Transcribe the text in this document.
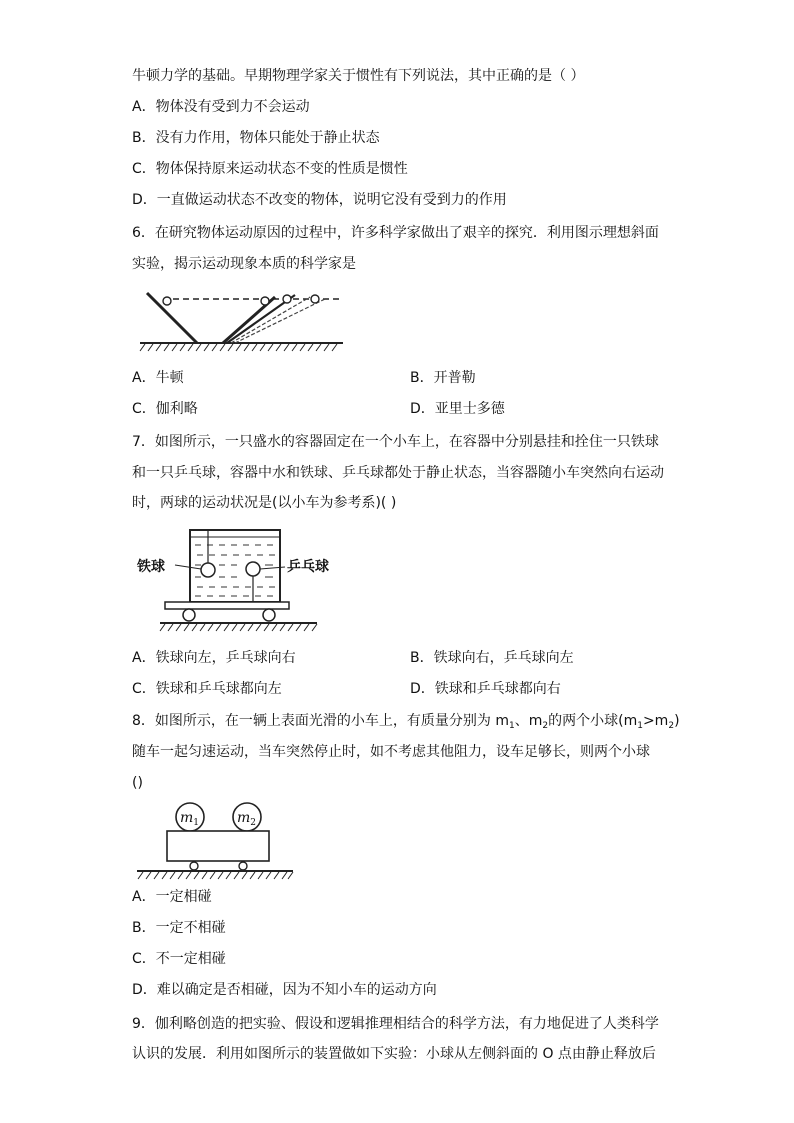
牛顿力学的基础。早期物理学家关于惯性有下列说法，其中正确的是（ ）
A．物体没有受到力不会运动
B．没有力作用，物体只能处于静止状态
C．物体保持原来运动状态不变的性质是惯性
D．一直做运动状态不改变的物体，说明它没有受到力的作用
6．在研究物体运动原因的过程中，许多科学家做出了艰辛的探究．利用图示理想斜面
实验，揭示运动现象本质的科学家是
A．牛顿	B．开普勒
C．伽利略	D．亚里士多德
7．如图所示，一只盛水的容器固定在一个小车上，在容器中分别悬挂和拴住一只铁球
和一只乒乓球，容器中水和铁球、乒乓球都处于静止状态，当容器随小车突然向右运动
时，两球的运动状况是(以小车为参考系)( )
铁球	乒乓球
A．铁球向左，乒乓球向右	B．铁球向右，乒乓球向左
C．铁球和乒乓球都向左	D．铁球和乒乓球都向右
8．如图所示，在一辆上表面光滑的小车上，有质量分别为 $m_1$、$m_2$的两个小球$(m_1>m_2)$
随车一起匀速运动，当车突然停止时，如不考虑其他阻力，设车足够长，则两个小球
()
$m_1$	$m_2$
A．一定相碰
B．一定不相碰
C．不一定相碰
D．难以确定是否相碰，因为不知小车的运动方向
9．伽利略创造的把实验、假设和逻辑推理相结合的科学方法，有力地促进了人类科学
认识的发展．利用如图所示的装置做如下实验：小球从左侧斜面的 O 点由静止释放后
